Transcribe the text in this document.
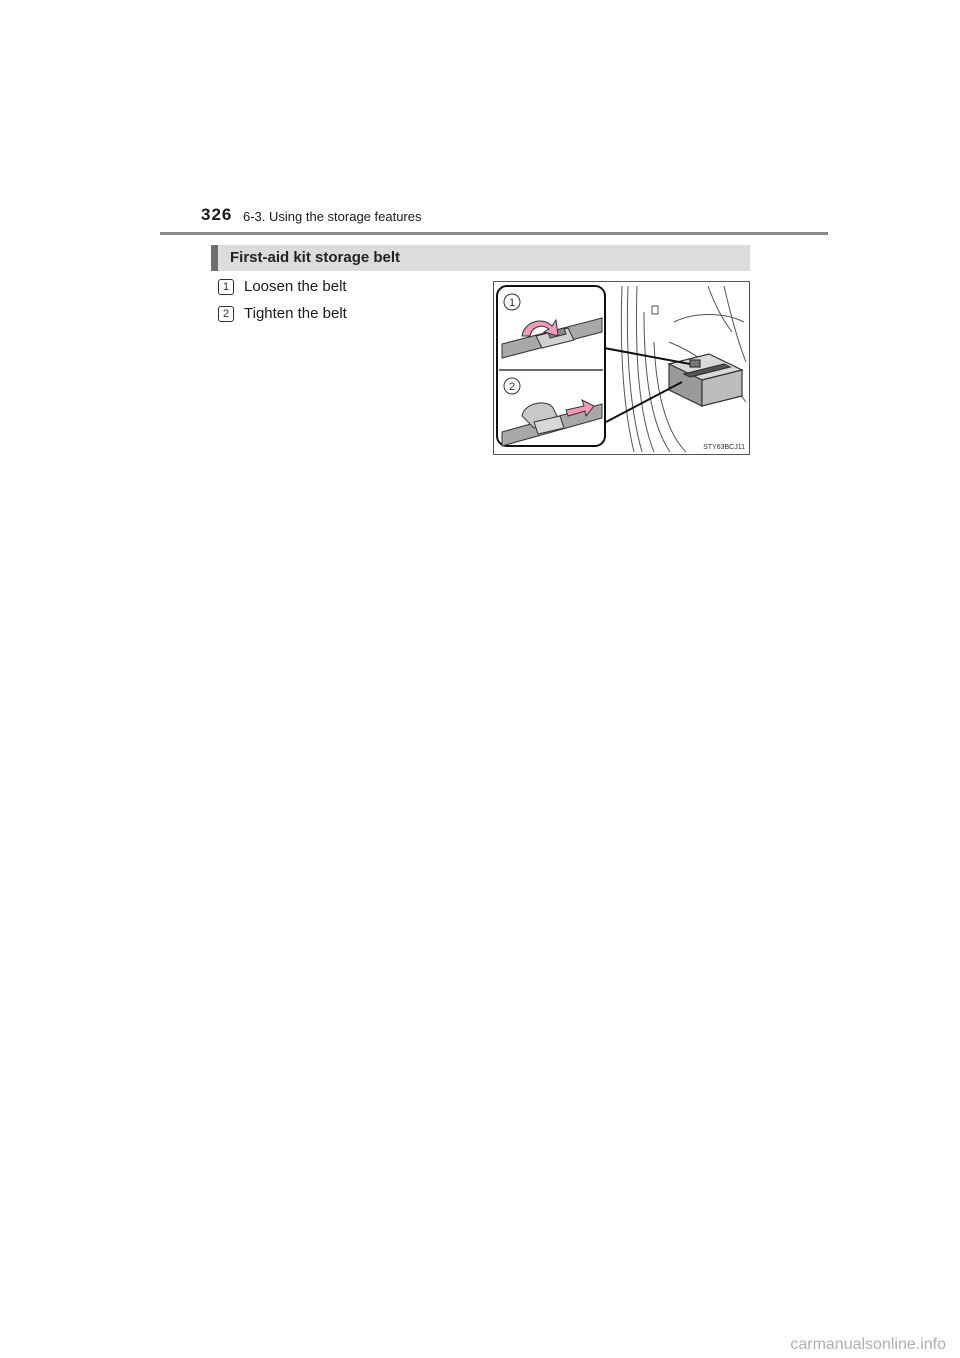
326 6-3. Using the storage features
First-aid kit storage belt
1 Loosen the belt
2 Tighten the belt
1
2
STY63BCJ11
carmanualsonline.info
